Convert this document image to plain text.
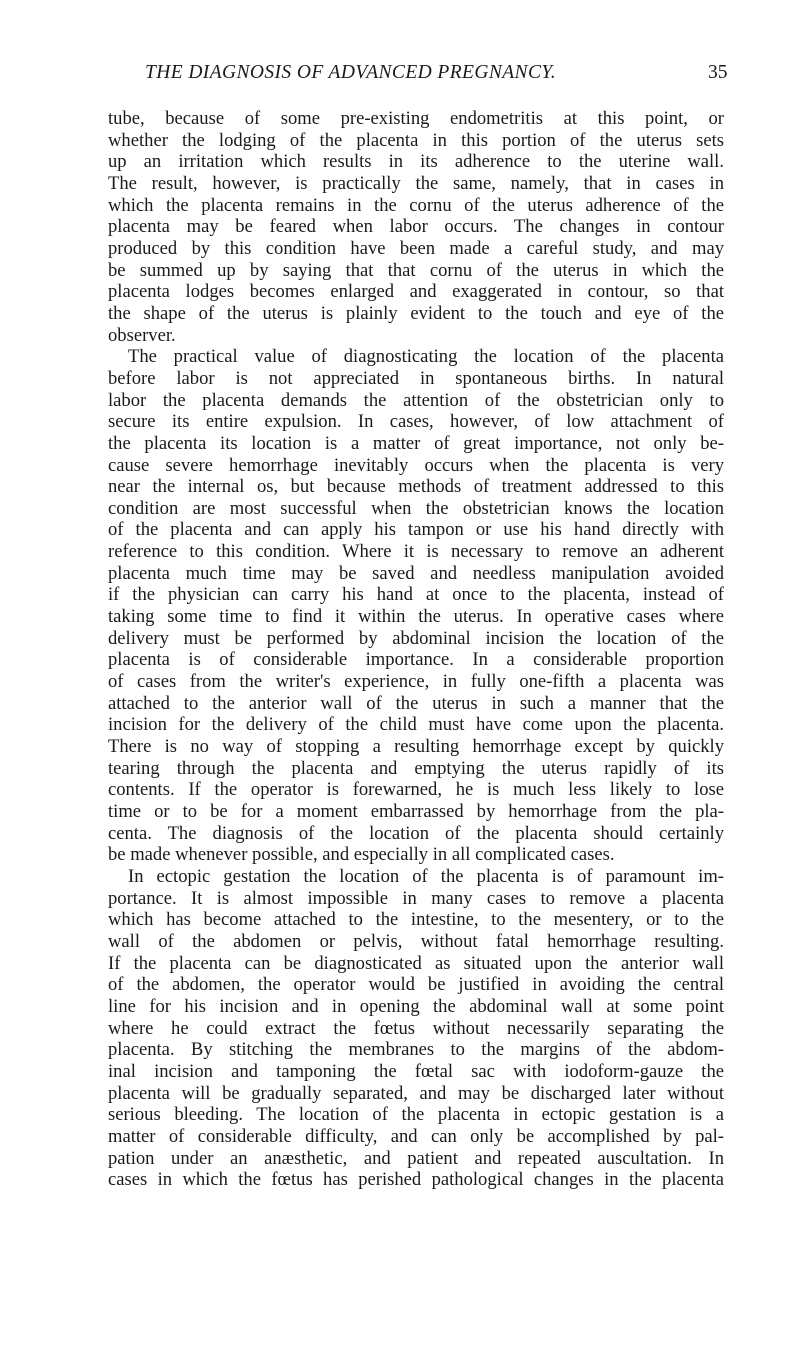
THE DIAGNOSIS OF ADVANCED PREGNANCY.	35
tube, because of some pre-existing endometritis at this point, or
whether the lodging of the placenta in this portion of the uterus sets
up an irritation which results in its adherence to the uterine wall.
The result, however, is practically the same, namely, that in cases in
which the placenta remains in the cornu of the uterus adherence of the
placenta may be feared when labor occurs. The changes in contour
produced by this condition have been made a careful study, and may
be summed up by saying that that cornu of the uterus in which the
placenta lodges becomes enlarged and exaggerated in contour, so that
the shape of the uterus is plainly evident to the touch and eye of the
observer.
The practical value of diagnosticating the location of the placenta
before labor is not appreciated in spontaneous births. In natural
labor the placenta demands the attention of the obstetrician only to
secure its entire expulsion. In cases, however, of low attachment of
the placenta its location is a matter of great importance, not only be-
cause severe hemorrhage inevitably occurs when the placenta is very
near the internal os, but because methods of treatment addressed to this
condition are most successful when the obstetrician knows the location
of the placenta and can apply his tampon or use his hand directly with
reference to this condition. Where it is necessary to remove an adherent
placenta much time may be saved and needless manipulation avoided
if the physician can carry his hand at once to the placenta, instead of
taking some time to find it within the uterus. In operative cases where
delivery must be performed by abdominal incision the location of the
placenta is of considerable importance. In a considerable proportion
of cases from the writer's experience, in fully one-fifth a placenta was
attached to the anterior wall of the uterus in such a manner that the
incision for the delivery of the child must have come upon the placenta.
There is no way of stopping a resulting hemorrhage except by quickly
tearing through the placenta and emptying the uterus rapidly of its
contents. If the operator is forewarned, he is much less likely to lose
time or to be for a moment embarrassed by hemorrhage from the pla-
centa. The diagnosis of the location of the placenta should certainly
be made whenever possible, and especially in all complicated cases.
In ectopic gestation the location of the placenta is of paramount im-
portance. It is almost impossible in many cases to remove a placenta
which has become attached to the intestine, to the mesentery, or to the
wall of the abdomen or pelvis, without fatal hemorrhage resulting.
If the placenta can be diagnosticated as situated upon the anterior wall
of the abdomen, the operator would be justified in avoiding the central
line for his incision and in opening the abdominal wall at some point
where he could extract the fœtus without necessarily separating the
placenta. By stitching the membranes to the margins of the abdom-
inal incision and tamponing the fœtal sac with iodoform-gauze the
placenta will be gradually separated, and may be discharged later without
serious bleeding. The location of the placenta in ectopic gestation is a
matter of considerable difficulty, and can only be accomplished by pal-
pation under an anæsthetic, and patient and repeated auscultation. In
cases in which the fœtus has perished pathological changes in the placenta
